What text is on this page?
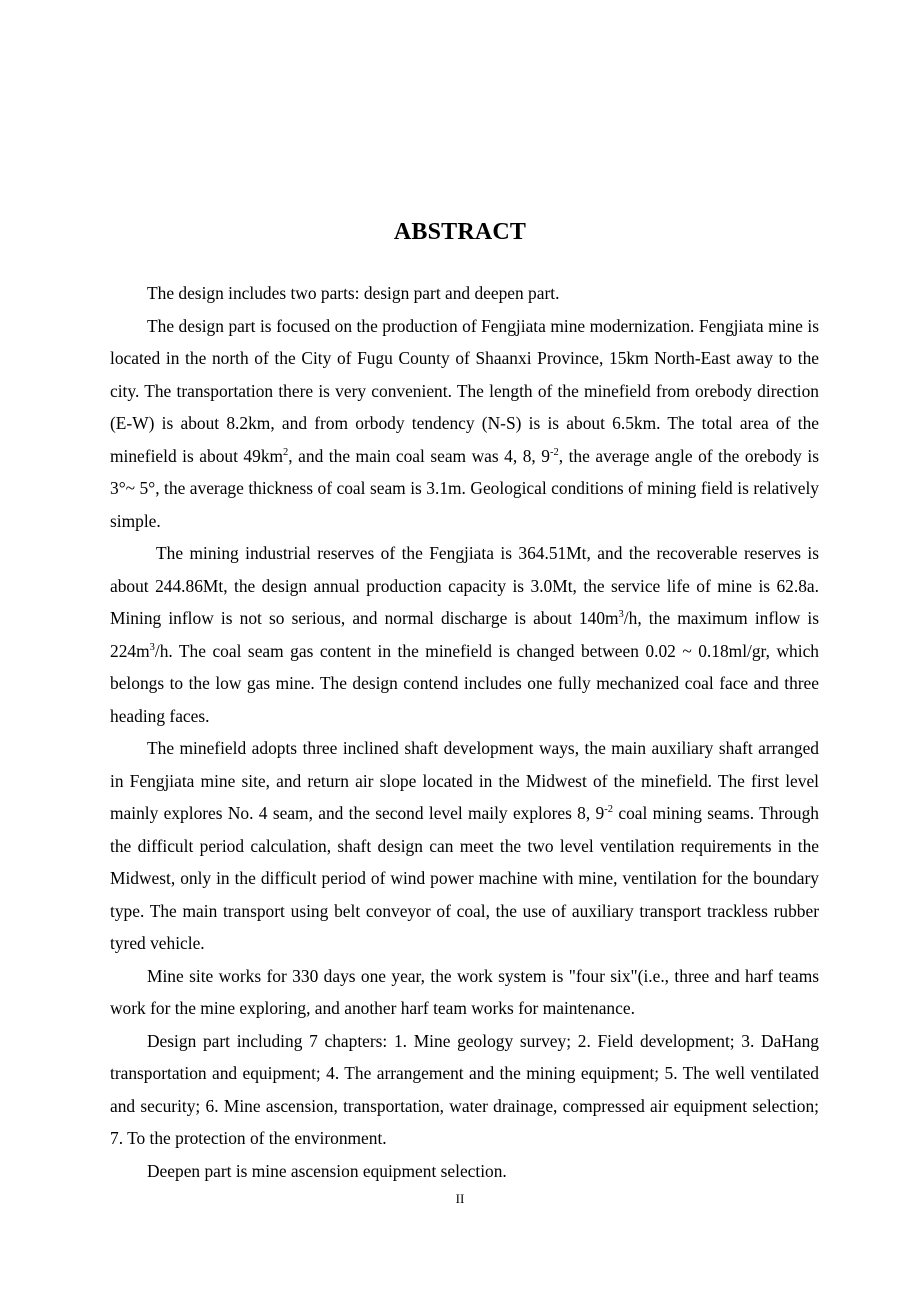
ABSTRACT

The design includes two parts: design part and deepen part.

The design part is focused on the production of Fengjiata mine modernization. Fengjiata mine is located in the north of the City of Fugu County of Shaanxi Province, 15km North-East away to the city. The transportation there is very convenient. The length of the minefield from orebody direction (E-W) is about 8.2km, and from orbody tendency (N-S) is is about 6.5km. The total area of the minefield is about $49km^2$, and the main coal seam was 4, 8, $9^{-2}$, the average angle of the orebody is 3°~ 5°, the average thickness of coal seam is 3.1m. Geological conditions of mining field is relatively simple.

The mining industrial reserves of the Fengjiata is 364.51Mt, and the recoverable reserves is about 244.86Mt, the design annual production capacity is 3.0Mt, the service life of mine is 62.8a. Mining inflow is not so serious, and normal discharge is about $140m^3/h$, the maximum inflow is $224m^3/h$. The coal seam gas content in the minefield is changed between 0.02 ~ 0.18ml/gr, which belongs to the low gas mine. The design contend includes one fully mechanized coal face and three heading faces.

The minefield adopts three inclined shaft development ways, the main auxiliary shaft arranged in Fengjiata mine site, and return air slope located in the Midwest of the minefield. The first level mainly explores No. 4 seam, and the second level maily explores 8, $9^{-2}$ coal mining seams. Through the difficult period calculation, shaft design can meet the two level ventilation requirements in the Midwest, only in the difficult period of wind power machine with mine, ventilation for the boundary type. The main transport using belt conveyor of coal, the use of auxiliary transport trackless rubber tyred vehicle.

Mine site works for 330 days one year, the work system is "four six"(i.e., three and harf teams work for the mine exploring, and another harf team works for maintenance.

Design part including 7 chapters: 1. Mine geology survey; 2. Field development; 3. DaHang transportation and equipment; 4. The arrangement and the mining equipment; 5. The well ventilated and security; 6. Mine ascension, transportation, water drainage, compressed air equipment selection; 7. To the protection of the environment.

Deepen part is mine ascension equipment selection.

II
